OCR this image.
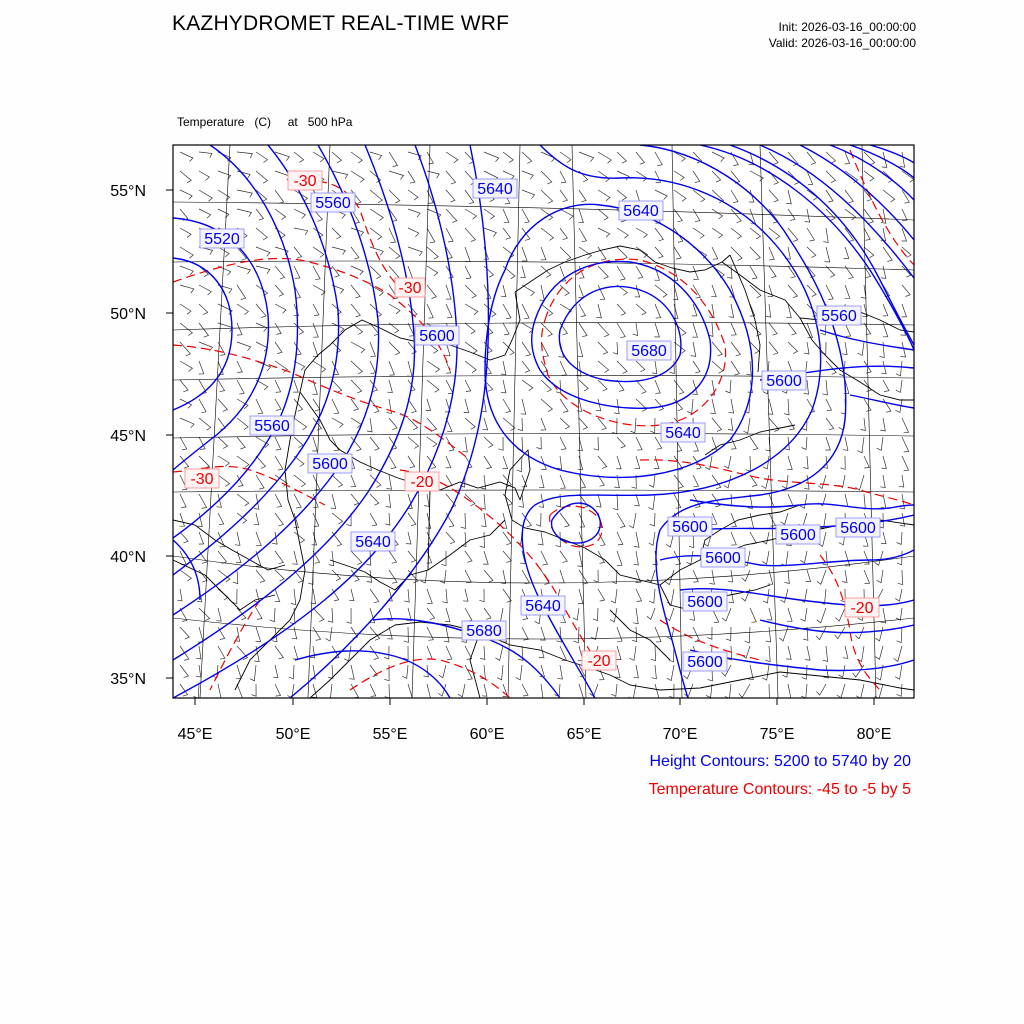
KAZHYDROMET REAL-TIME WRF	Init: 2026-03-16_00:00:00
Valid: 2026-03-16_00:00:00

Temperature   (C)     at   500 hPa

55°N
50°N
45°N
40°N
35°N
45°E	50°E	55°E	60°E	65°E	70°E	75°E	80°E
5640
5640
5560
5520
5600
5680
5560
5600
5560	5640
5600
5640
5600	5600 5600
5640
5680
5600
5600
5600
-30
-30
-30	-20
-20
-20
Height Contours: 5200 to 5740 by 20
Temperature Contours: -45 to -5 by 5
